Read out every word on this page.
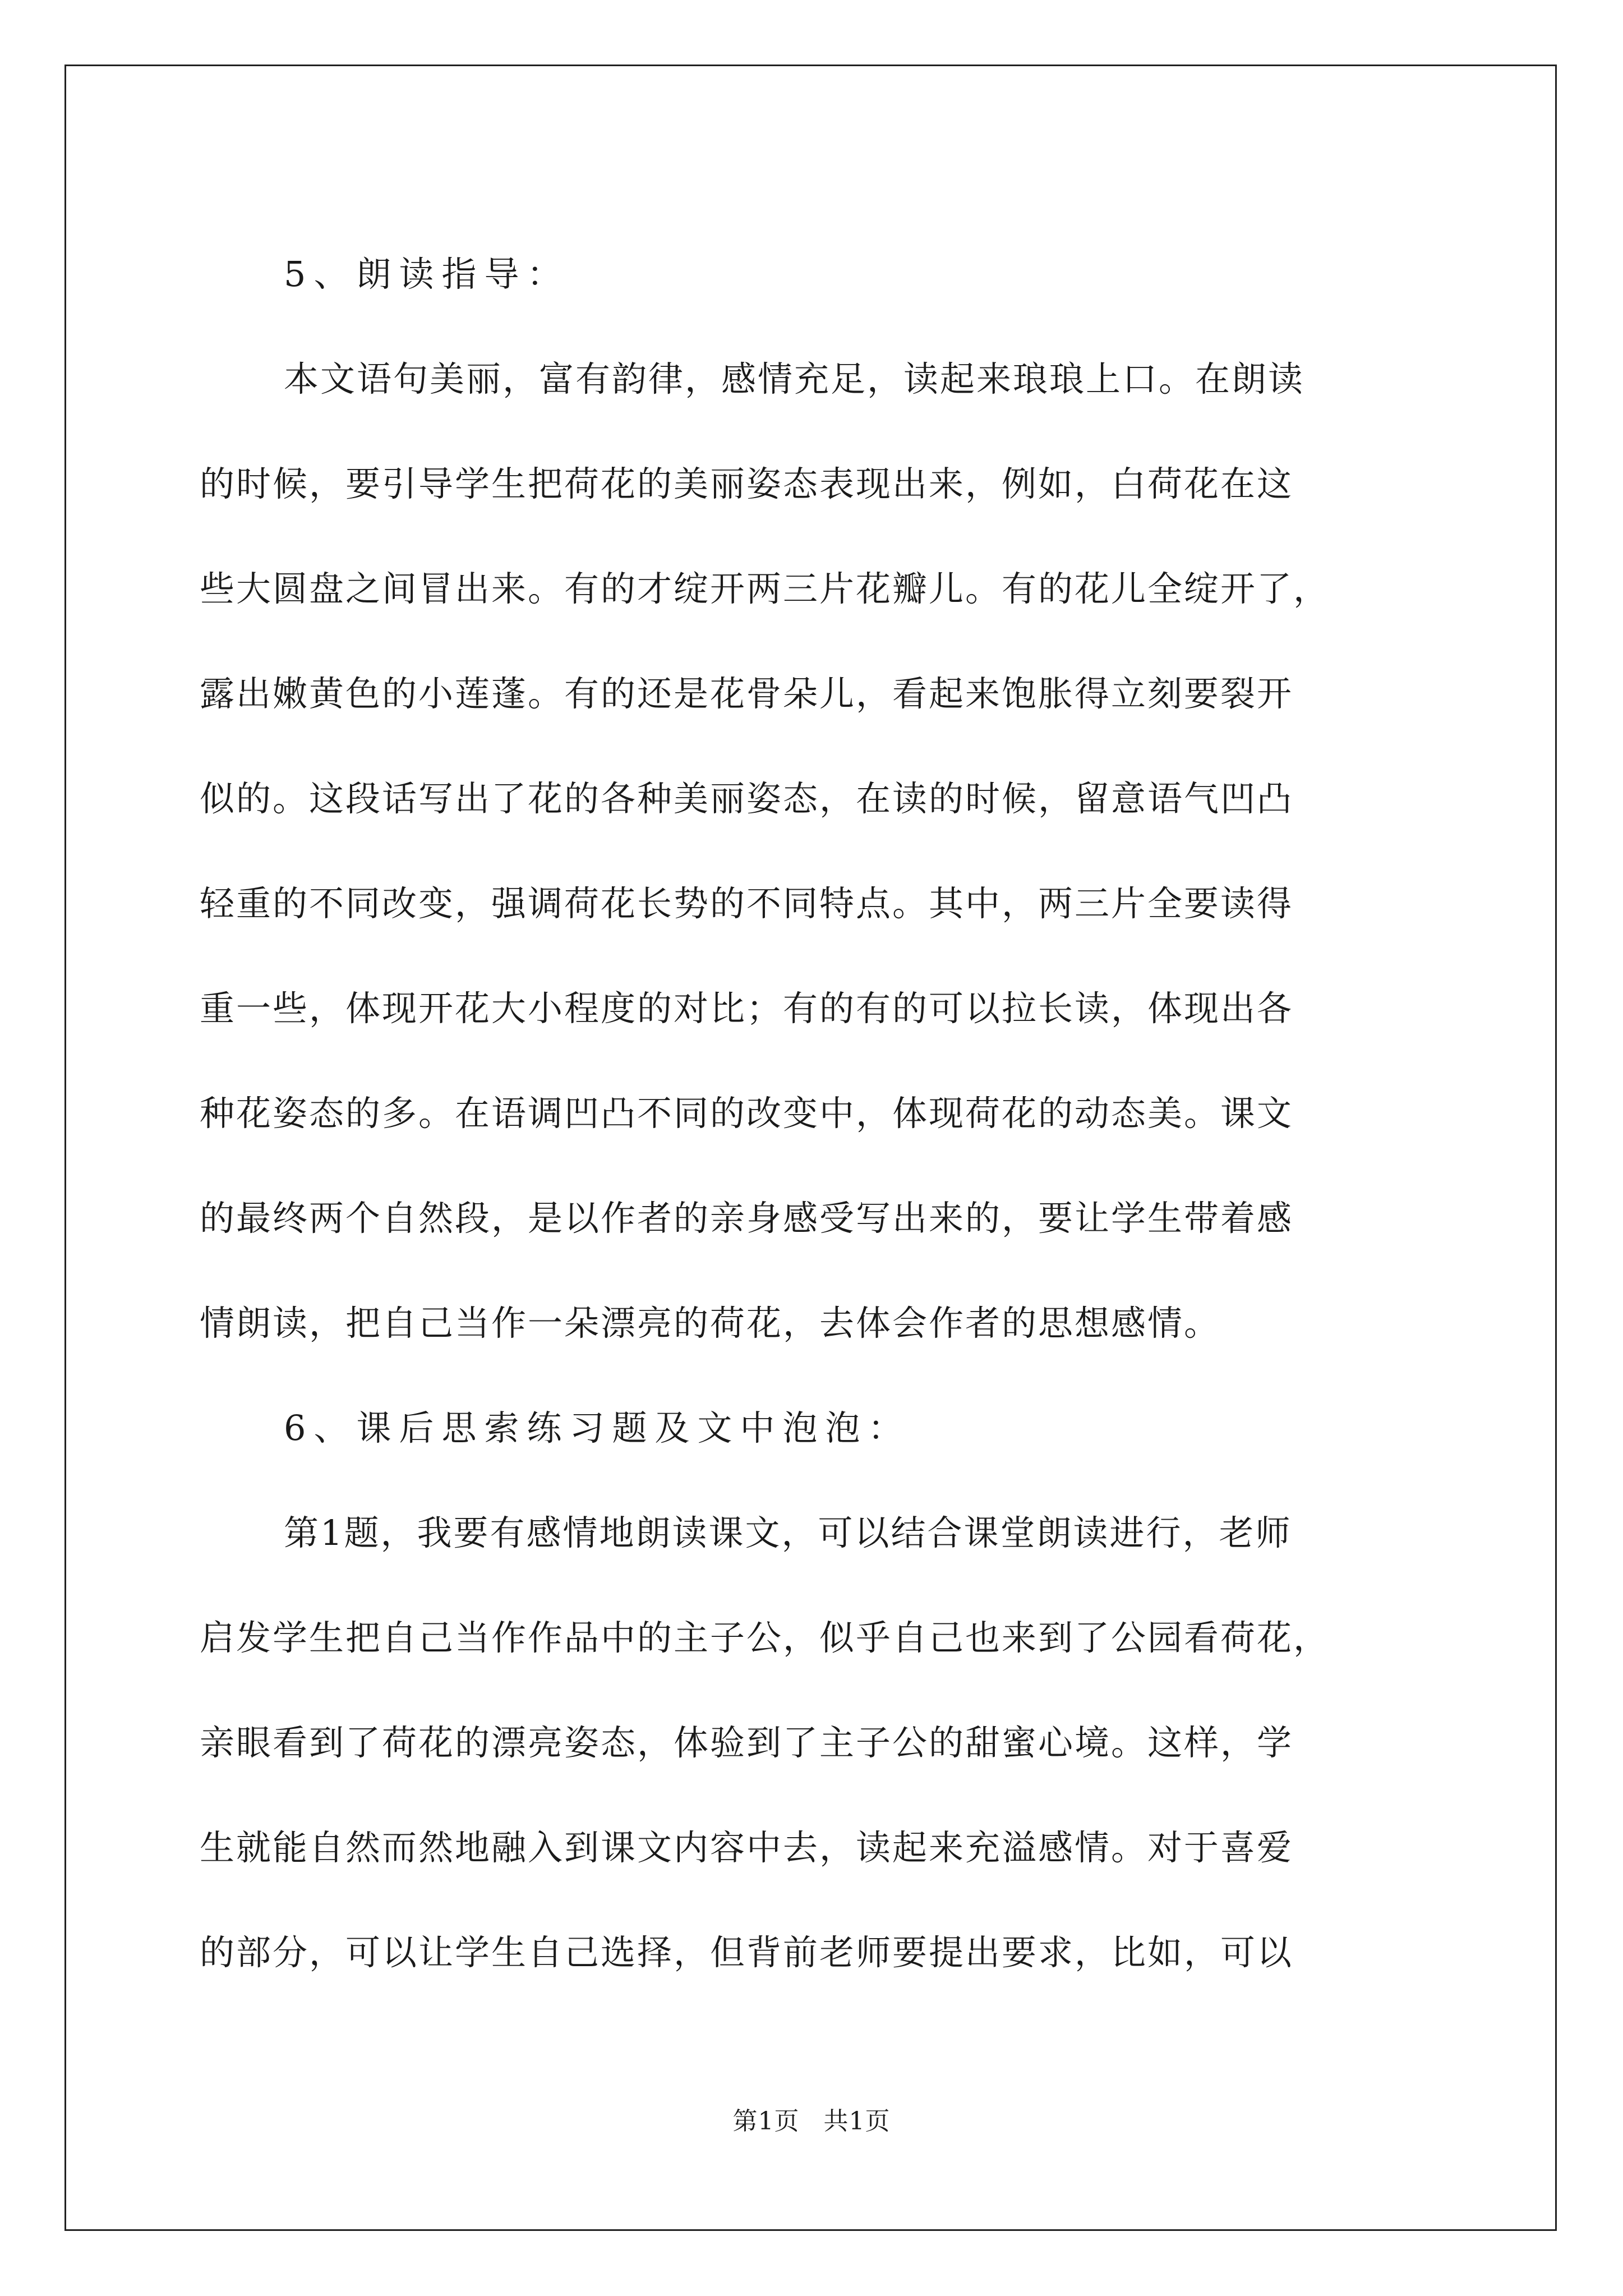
5、朗读指导：
本文语句美丽，富有韵律，感情充足，读起来琅琅上口。在朗读
的时候，要引导学生把荷花的美丽姿态表现出来，例如，白荷花在这
些大圆盘之间冒出来。有的才绽开两三片花瓣儿。有的花儿全绽开了，
露出嫩黄色的小莲蓬。有的还是花骨朵儿，看起来饱胀得立刻要裂开
似的。这段话写出了花的各种美丽姿态，在读的时候，留意语气凹凸
轻重的不同改变，强调荷花长势的不同特点。其中，两三片全要读得
重一些，体现开花大小程度的对比；有的有的可以拉长读，体现出各
种花姿态的多。在语调凹凸不同的改变中，体现荷花的动态美。课文
的最终两个自然段，是以作者的亲身感受写出来的，要让学生带着感
情朗读，把自己当作一朵漂亮的荷花，去体会作者的思想感情。
6、课后思索练习题及文中泡泡：
第1题，我要有感情地朗读课文，可以结合课堂朗读进行，老师
启发学生把自己当作作品中的主子公，似乎自己也来到了公园看荷花，
亲眼看到了荷花的漂亮姿态，体验到了主子公的甜蜜心境。这样，学
生就能自然而然地融入到课文内容中去，读起来充溢感情。对于喜爱
的部分，可以让学生自己选择，但背前老师要提出要求，比如，可以
第1页 共1页
